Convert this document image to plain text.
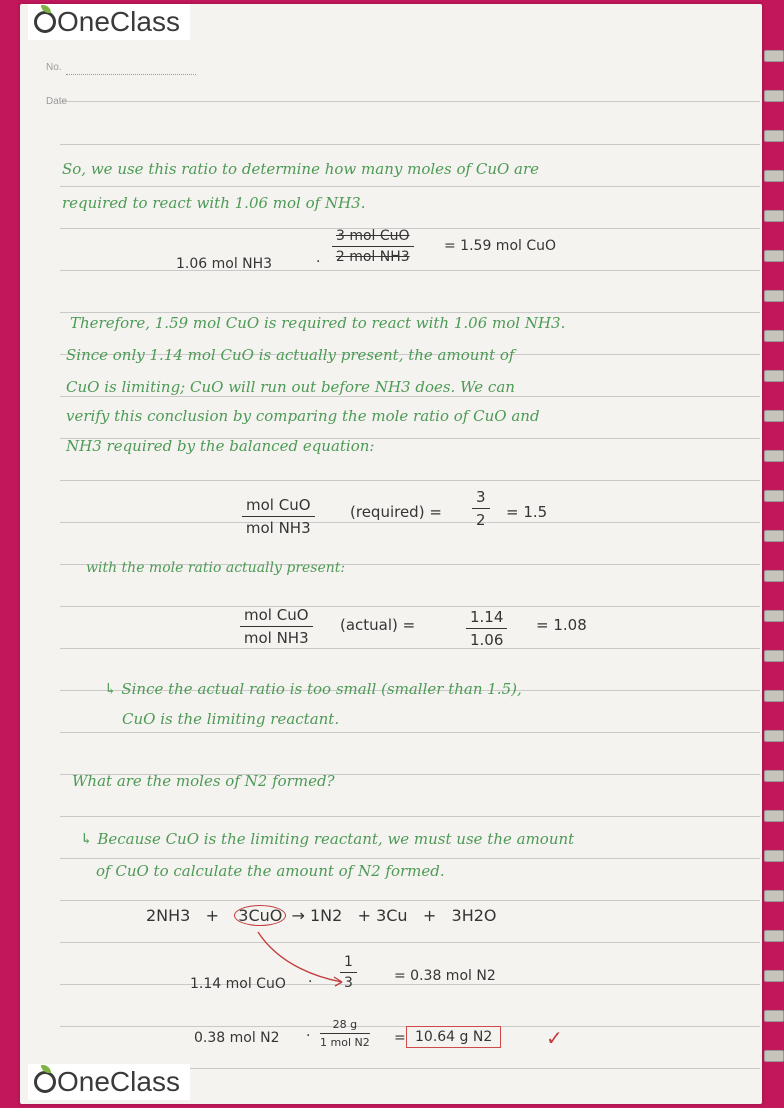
OneClass
OneClass
No.
Date
So, we use this ratio to determine how many moles of CuO are
required to react with 1.06 mol of NH3.
1.06 mol NH3	·
3 mol CuO
2 mol NH3
= 1.59 mol CuO
Therefore, 1.59 mol CuO is required to react with 1.06 mol NH3.
Since only 1.14 mol CuO is actually present, the amount of
CuO is limiting; CuO will run out before NH3 does. We can
verify this conclusion by comparing the mole ratio of CuO and
NH3 required by the balanced equation:
mol CuO
mol NH3
(required) = $\frac{3}{2} = 1.5$
with the mole ratio actually present:
mol CuO
mol NH3
(actual) =	$\frac{1.14}{1.06} = 1.08$
↳ Since the actual ratio is too small (smaller than 1.5),
CuO is the limiting reactant.
What are the moles of N2 formed?
↳ Because CuO is the limiting reactant, we must use the amount
of CuO to calculate the amount of N2 formed.
2NH3 + 3CuO → 1N2 + 3Cu + 3H2O
1.14 mol CuO · $\frac{1}{3}$	= 0.38 mol N2
0.38 mol N2 ·
28 g
1 mol N2 = 10.64 g N2	✓
